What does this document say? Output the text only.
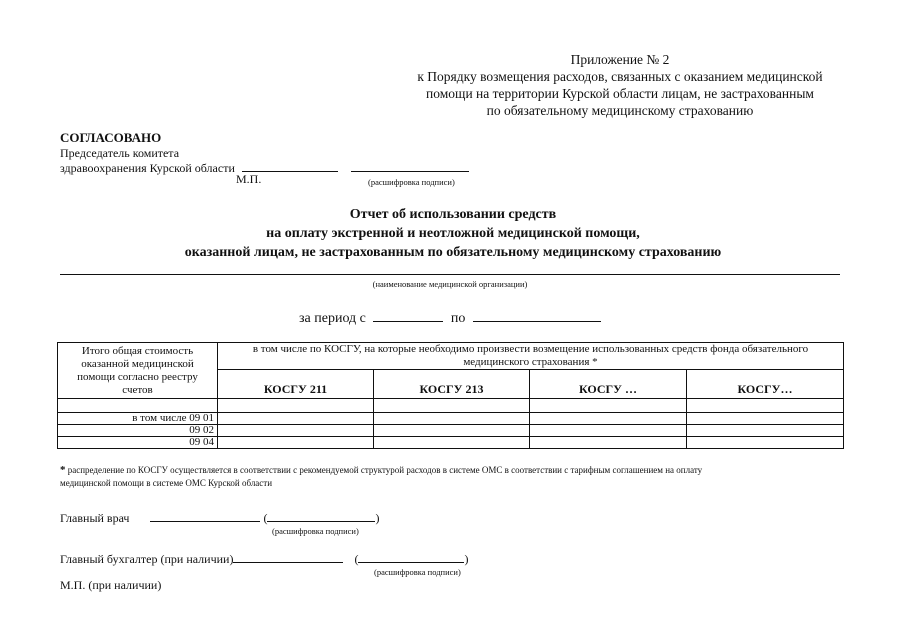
Приложение № 2
к Порядку возмещения расходов, связанных с оказанием медицинской
помощи на территории Курской области лицам, не застрахованным
по обязательному медицинскому страхованию
СОГЛАСОВАНО
Председатель комитета
здравоохранения Курской области
М.П.	(расшифровка подписи)
Отчет об использовании средств
на оплату экстренной и неотложной медицинской помощи,
оказанной лицам, не застрахованным по обязательному медицинскому страхованию
(наименование медицинской организации)
за период с	по
Итого общая стоимость оказанной медицинской помощи согласно реестру счетов	в том числе по КОСГУ, на которые необходимо произвести возмещение использованных средств фонда обязательного медицинского страхования *			
	КОСГУ 211	КОСГУ 213	КОСГУ …	КОСГУ…

в том числе 09 01				
09 02				
09 04				
* распределение по КОСГУ осуществляется в соответствии с рекомендуемой структурой расходов в системе ОМС в соответствии с тарифным соглашением на оплату
медицинской помощи в системе ОМС Курской области
Главный врач	(	)
(расшифровка подписи)
Главный бухгалтер (при наличии)	(	)
(расшифровка подписи)
М.П. (при наличии)
